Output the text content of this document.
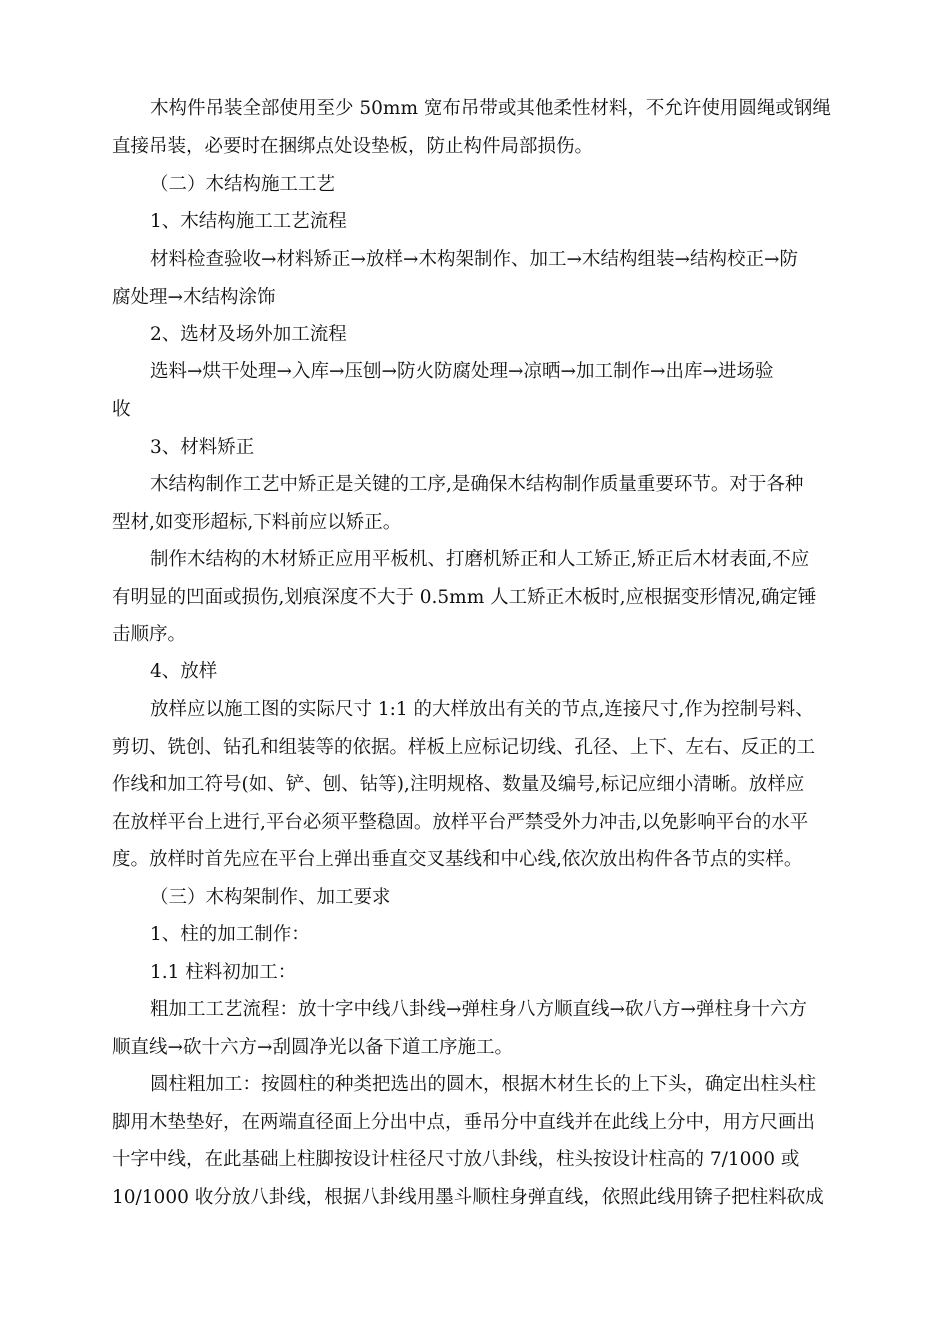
木构件吊装全部使用至少 50mm 宽布吊带或其他柔性材料，不允许使用圆绳或钢绳
直接吊装，必要时在捆绑点处设垫板，防止构件局部损伤。
（二）木结构施工工艺
1、木结构施工工艺流程
材料检查验收→材料矫正→放样→木构架制作、加工→木结构组装→结构校正→防
腐处理→木结构涂饰
2、选材及场外加工流程
选料→烘干处理→入库→压刨→防火防腐处理→凉晒→加工制作→出库→进场验
收
3、材料矫正
木结构制作工艺中矫正是关键的工序,是确保木结构制作质量重要环节。对于各种
型材,如变形超标,下料前应以矫正。
制作木结构的木材矫正应用平板机、打磨机矫正和人工矫正,矫正后木材表面,不应
有明显的凹面或损伤,划痕深度不大于 0.5mm 人工矫正木板时,应根据变形情况,确定锤
击顺序。
4、放样
放样应以施工图的实际尺寸 1:1 的大样放出有关的节点,连接尺寸,作为控制号料、
剪切、铣创、钻孔和组装等的依据。样板上应标记切线、孔径、上下、左右、反正的工
作线和加工符号(如、铲、刨、钻等),注明规格、数量及编号,标记应细小清晰。放样应
在放样平台上进行,平台必须平整稳固。放样平台严禁受外力冲击,以免影响平台的水平
度。放样时首先应在平台上弹出垂直交叉基线和中心线,依次放出构件各节点的实样。
（三）木构架制作、加工要求
1、柱的加工制作：
1.1 柱料初加工：
粗加工工艺流程：放十字中线八卦线→弹柱身八方顺直线→砍八方→弹柱身十六方
顺直线→砍十六方→刮圆净光以备下道工序施工。
圆柱粗加工：按圆柱的种类把选出的圆木，根据木材生长的上下头，确定出柱头柱
脚用木垫垫好，在两端直径面上分出中点，垂吊分中直线并在此线上分中，用方尺画出
十字中线，在此基础上柱脚按设计柱径尺寸放八卦线，柱头按设计柱高的 7/1000 或
10/1000 收分放八卦线，根据八卦线用墨斗顺柱身弹直线，依照此线用锛子把柱料砍成
